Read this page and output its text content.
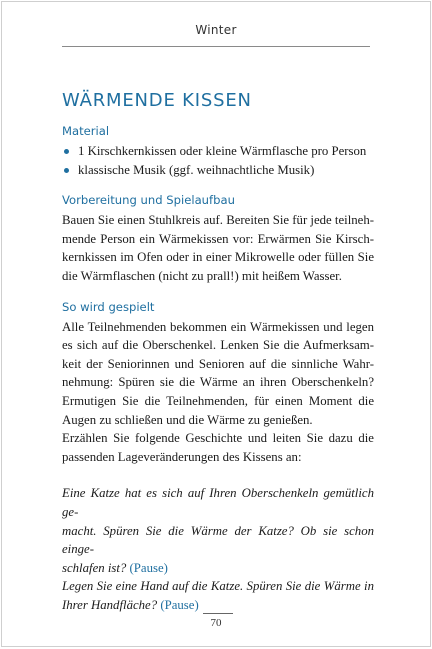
Winter
WÄRMENDE KISSEN
Material
1 Kirschkernkissen oder kleine Wärmflasche pro Person
klassische Musik (ggf. weihnachtliche Musik)
Vorbereitung und Spielaufbau
Bauen Sie einen Stuhlkreis auf. Bereiten Sie für jede teilneh-
mende Person ein Wärmekissen vor: Erwärmen Sie Kirsch-
kernkissen im Ofen oder in einer Mikrowelle oder füllen Sie
die Wärmflaschen (nicht zu prall!) mit heißem Wasser.
So wird gespielt
Alle Teilnehmenden bekommen ein Wärmekissen und legen
es sich auf die Oberschenkel. Lenken Sie die Aufmerksam-
keit der Seniorinnen und Senioren auf die sinnliche Wahr-
nehmung: Spüren sie die Wärme an ihren Oberschenkeln?
Ermutigen Sie die Teilnehmenden, für einen Moment die
Augen zu schließen und die Wärme zu genießen.
Erzählen Sie folgende Geschichte und leiten Sie dazu die
passenden Lageveränderungen des Kissens an:
Eine Katze hat es sich auf Ihren Oberschenkeln gemütlich ge-
macht. Spüren Sie die Wärme der Katze? Ob sie schon einge-
schlafen ist? (Pause)
Legen Sie eine Hand auf die Katze. Spüren Sie die Wärme in
Ihrer Handfläche? (Pause)
70
